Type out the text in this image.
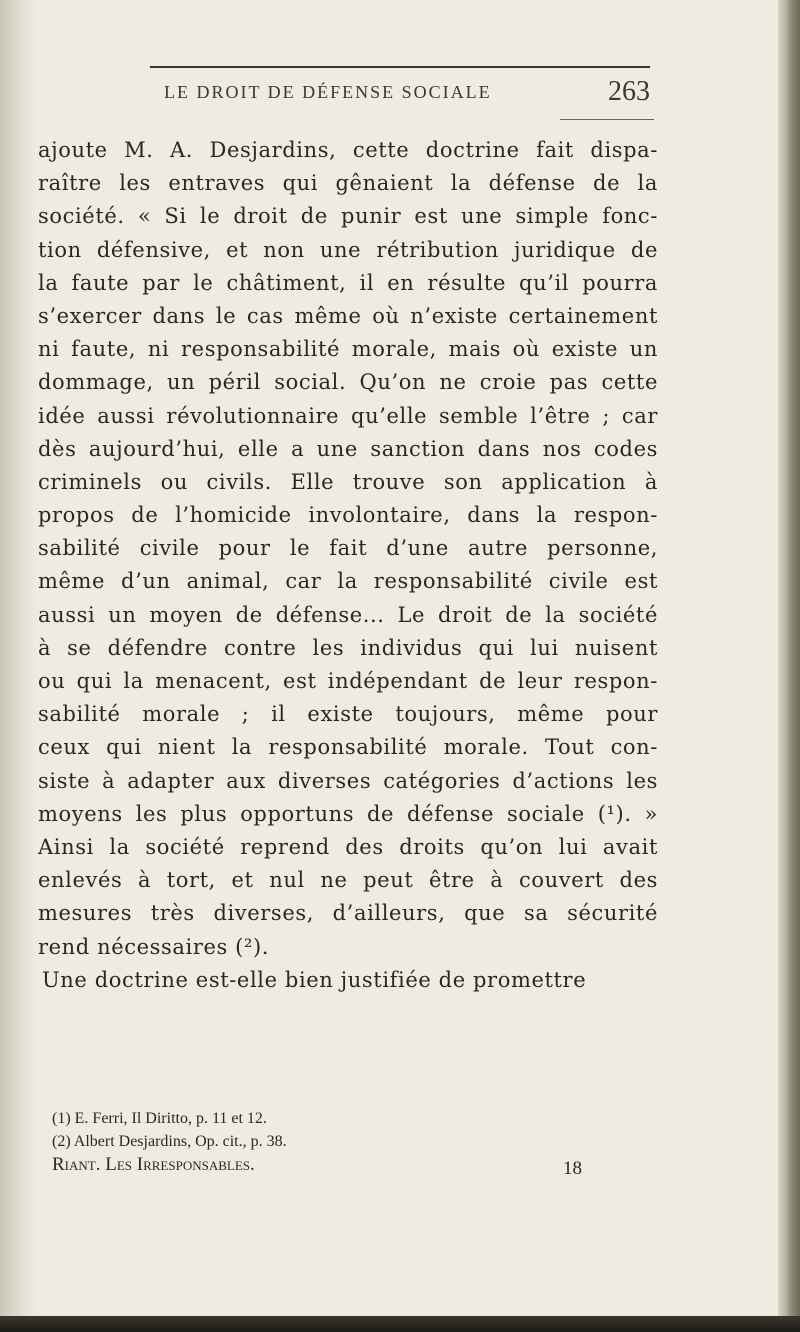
LE DROIT DE DÉFENSE SOCIALE	263
ajoute M. A. Desjardins, cette doctrine fait dispa-
raître les entraves qui gênaient la défense de la
société. « Si le droit de punir est une simple fonc-
tion défensive, et non une rétribution juridique de
la faute par le châtiment, il en résulte qu’il pourra
s’exercer dans le cas même où n’existe certainement
ni faute, ni responsabilité morale, mais où existe un
dommage, un péril social. Qu’on ne croie pas cette
idée aussi révolutionnaire qu’elle semble l’être ; car
dès aujourd’hui, elle a une sanction dans nos codes
criminels ou civils. Elle trouve son application à
propos de l’homicide involontaire, dans la respon-
sabilité civile pour le fait d’une autre personne,
même d’un animal, car la responsabilité civile est
aussi un moyen de défense... Le droit de la société
à se défendre contre les individus qui lui nuisent
ou qui la menacent, est indépendant de leur respon-
sabilité morale ; il existe toujours, même pour
ceux qui nient la responsabilité morale. Tout con-
siste à adapter aux diverses catégories d’actions les
moyens les plus opportuns de défense sociale (¹). »
Ainsi la société reprend des droits qu’on lui avait
enlevés à tort, et nul ne peut être à couvert des
mesures très diverses, d’ailleurs, que sa sécurité
rend nécessaires (²).
Une doctrine est-elle bien justifiée de promettre
(1) E. Ferri, Il Diritto, p. 11 et 12.
(2) Albert Desjardins, Op. cit., p. 38.
Riant. Les Irresponsables.	18
